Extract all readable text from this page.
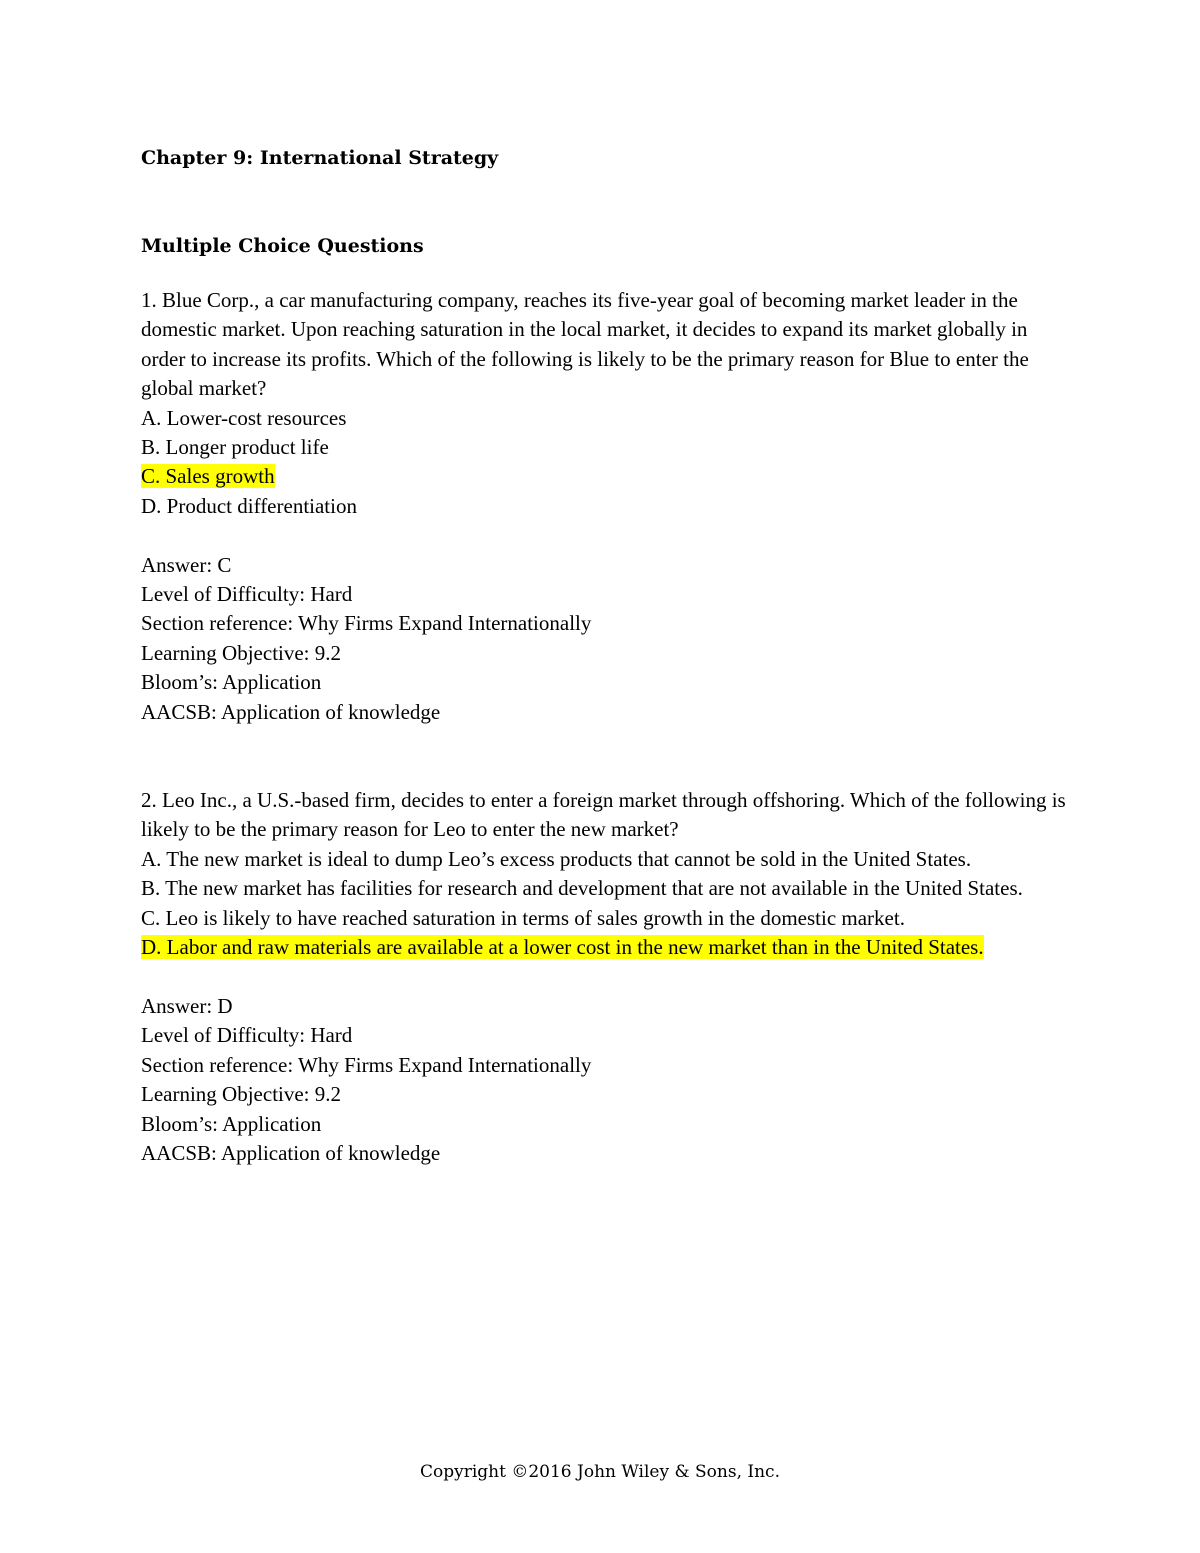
Chapter 9: International Strategy
Multiple Choice Questions

1. Blue Corp., a car manufacturing company, reaches its five-year goal of becoming market leader in the domestic market. Upon reaching saturation in the local market, it decides to expand its market globally in order to increase its profits. Which of the following is likely to be the primary reason for Blue to enter the global market?

A. Lower-cost resources
B. Longer product life
C. Sales growth
D. Product differentiation

Answer: C

Level of Difficulty: Hard

Section reference: Why Firms Expand Internationally

Learning Objective: 9.2

Bloom’s: Application

AACSB: Application of knowledge

2. Leo Inc., a U.S.-based firm, decides to enter a foreign market through offshoring. Which of the following is likely to be the primary reason for Leo to enter the new market?

A. The new market is ideal to dump Leo’s excess products that cannot be sold in the United States.
B. The new market has facilities for research and development that are not available in the United States.
C. Leo is likely to have reached saturation in terms of sales growth in the domestic market.
D. Labor and raw materials are available at a lower cost in the new market than in the United States.

Answer: D

Level of Difficulty: Hard

Section reference: Why Firms Expand Internationally

Learning Objective: 9.2

Bloom’s: Application

AACSB: Application of knowledge

Copyright ©2016 John Wiley & Sons, Inc.
